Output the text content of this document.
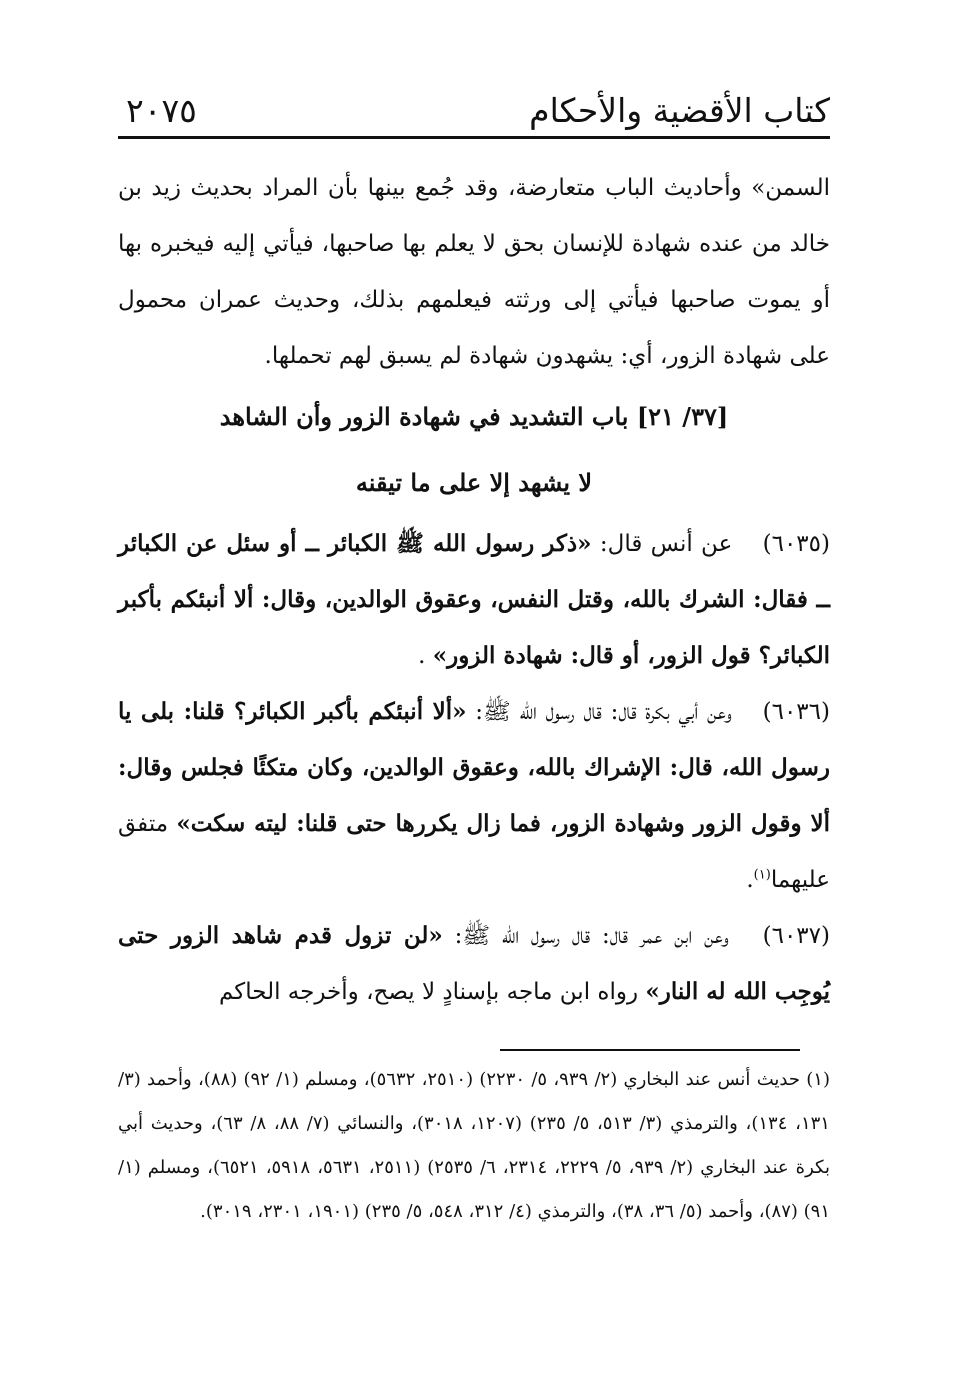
كتاب الأقضية والأحكام
٢٠٧٥

السمن» وأحاديث الباب متعارضة، وقد جُمع بينها بأن المراد بحديث زيد بن خالد من عنده شهادة للإنسان بحق لا يعلم بها صاحبها، فيأتي إليه فيخبره بها أو يموت صاحبها فيأتي إلى ورثته فيعلمهم بذلك، وحديث عمران محمول على شهادة الزور، أي: يشهدون شهادة لم يسبق لهم تحملها.

[٣٧/ ٢١] باب التشديد في شهادة الزور وأن الشاهد

لا يشهد إلا على ما تيقنه

(٦٠٣٥) عن أنس قال: «ذكر رسول الله ﷺ الكبائر ــ أو سئل عن الكبائر ــ فقال: الشرك بالله، وقتل النفس، وعقوق الوالدين، وقال: ألا أنبئكم بأكبر الكبائر؟ قول الزور، أو قال: شهادة الزور» .

(٦٠٣٦) وعن أبي بكرة قال: قال رسول الله ﷺ: «ألا أنبئكم بأكبر الكبائر؟ قلنا: بلى يا رسول الله، قال: الإشراك بالله، وعقوق الوالدين، وكان متكئًا فجلس وقال: ألا وقول الزور وشهادة الزور، فما زال يكررها حتى قلنا: ليته سكت» متفق عليهما$^{(١)}$.

(٦٠٣٧) وعن ابن عمر قال: قال رسول الله ﷺ: «لن تزول قدم شاهد الزور حتى يُوجِب الله له النار» رواه ابن ماجه بإسنادٍ لا يصح، وأخرجه الحاكم

(١) حديث أنس عند البخاري (٢/ ٩٣٩، ٥/ ٢٢٣٠) (٢٥١٠، ٥٦٣٢)، ومسلم (١/ ٩٢) (٨٨)، وأحمد (٣/ ١٣١، ١٣٤)، والترمذي (٣/ ٥١٣، ٥/ ٢٣٥) (١٢٠٧، ٣٠١٨)، والنسائي (٧/ ٨٨، ٨/ ٦٣)، وحديث أبي بكرة عند البخاري (٢/ ٩٣٩، ٥/ ٢٢٢٩، ٢٣١٤، ٦/ ٢٥٣٥) (٢٥١١، ٥٦٣١، ٥٩١٨، ٦٥٢١)، ومسلم (١/ ٩١) (٨٧)، وأحمد (٥/ ٣٦، ٣٨)، والترمذي (٤/ ٣١٢، ٥٤٨، ٥/ ٢٣٥) (١٩٠١، ٢٣٠١، ٣٠١٩).
